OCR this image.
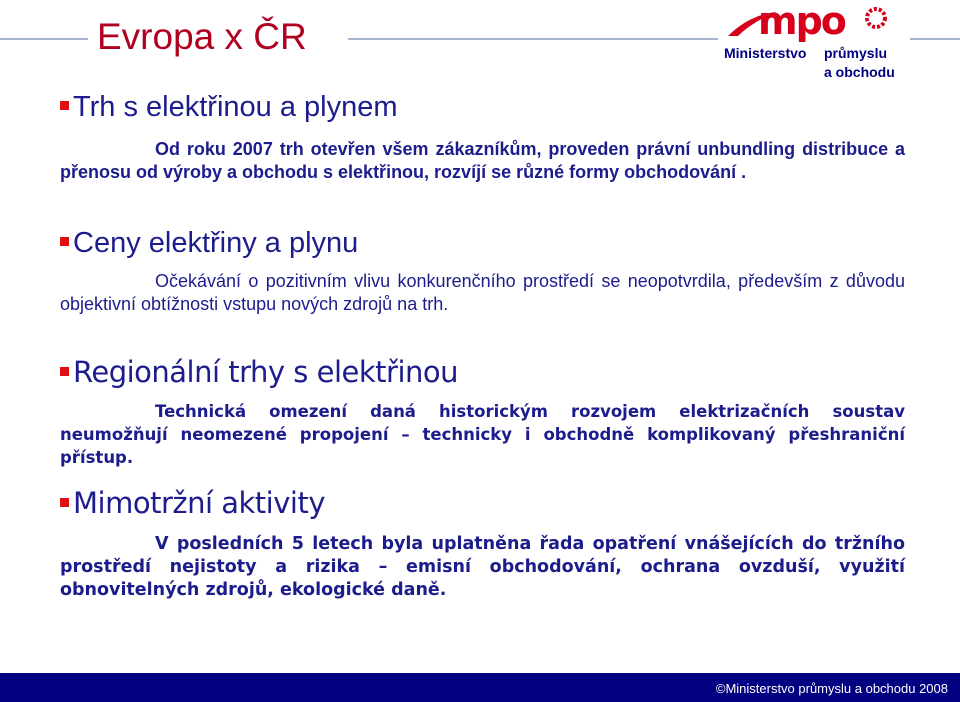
Evropa x ČR	mpo
Ministerstvo průmyslu
a obchodu
Trh s elektřinou a plynem

Od roku 2007 trh otevřen všem zákazníkům, proveden právní unbundling distribuce a přenosu od výroby a obchodu s elektřinou, rozvíjí se různé formy obchodování .

Ceny elektřiny a plynu

Očekávání o pozitivním vlivu konkurenčního prostředí se neopotvrdila, především z důvodu objektivní obtížnosti vstupu nových zdrojů na trh.

Regionální trhy s elektřinou

Technická omezení daná historickým rozvojem elektrizačních soustav neumožňují neomezené propojení – technicky i obchodně komplikovaný přeshraniční přístup.

Mimotržní aktivity

V posledních 5 letech byla uplatněna řada opatření vnášejících do tržního prostředí nejistoty a rizika – emisní obchodování, ochrana ovzduší, využití obnovitelných zdrojů, ekologické daně.

©Ministerstvo průmyslu a obchodu 2008
